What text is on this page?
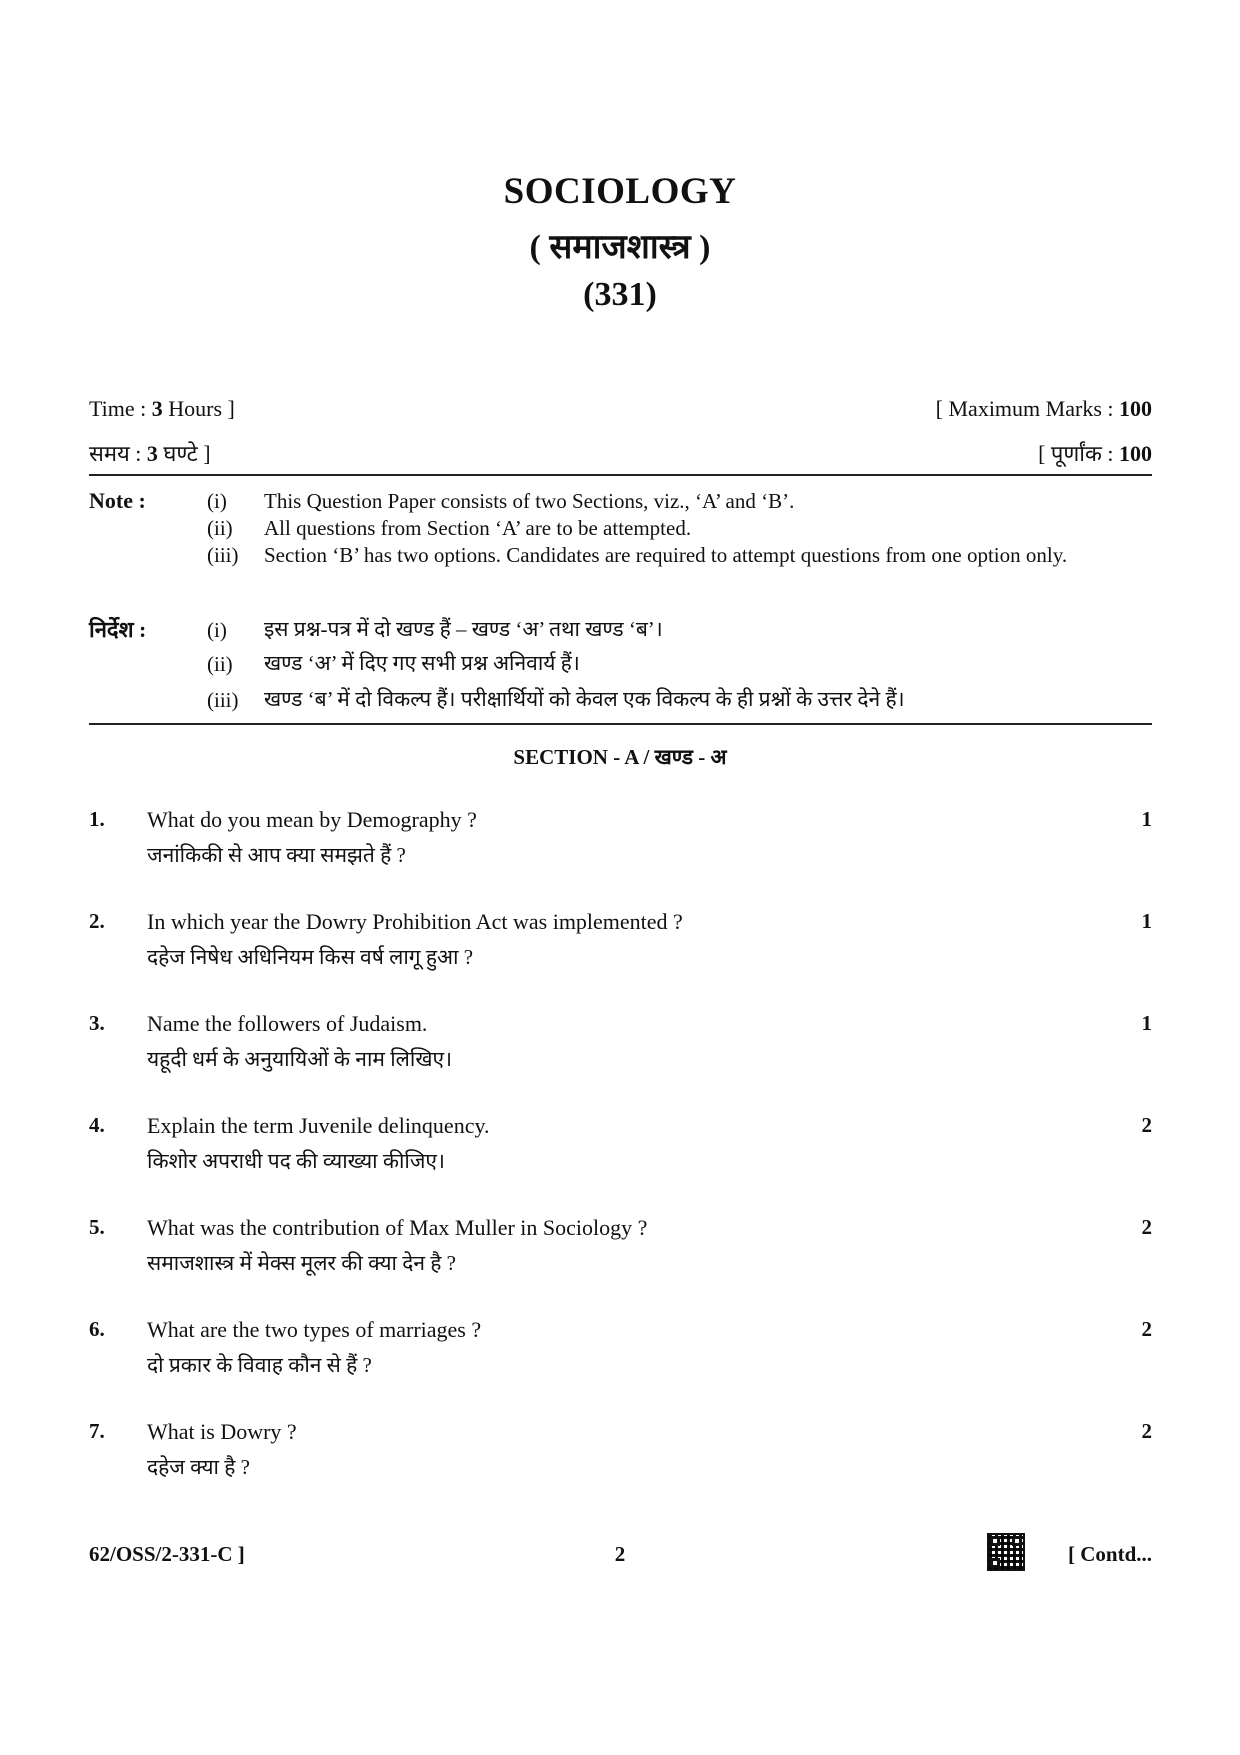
SOCIOLOGY
( समाजशास्त्र )
(331)
Time : 3 Hours ]	[ Maximum Marks : 100
समय : 3 घण्टे ]	[ पूर्णांक : 100
Note :	(i) This Question Paper consists of two Sections, viz., ‘A’ and ‘B’.
(ii) All questions from Section ‘A’ are to be attempted.
(iii) Section ‘B’ has two options. Candidates are required to attempt questions from one option only.
निर्देश :	(i) इस प्रश्न-पत्र में दो खण्ड हैं – खण्ड ‘अ’ तथा खण्ड ‘ब’।
(ii) खण्ड ‘अ’ में दिए गए सभी प्रश्न अनिवार्य हैं।
(iii) खण्ड ‘ब’ में दो विकल्प हैं। परीक्षार्थियों को केवल एक विकल्प के ही प्रश्नों के उत्तर देने हैं।
SECTION - A / खण्ड - अ
1. What do you mean by Demography ?
जनांकिकी से आप क्या समझते हैं ?
1
2. In which year the Dowry Prohibition Act was implemented ?
दहेज निषेध अधिनियम किस वर्ष लागू हुआ ?
1
3. Name the followers of Judaism.
यहूदी धर्म के अनुयायिओं के नाम लिखिए।
1
4. Explain the term Juvenile delinquency.
किशोर अपराधी पद की व्याख्या कीजिए।
2
5. What was the contribution of Max Muller in Sociology ?
समाजशास्त्र में मेक्स मूलर की क्या देन है ?
2
6. What are the two types of marriages ?
दो प्रकार के विवाह कौन से हैं ?
2
7. What is Dowry ?
दहेज क्या है ?
2
62/OSS/2-331-C ]	2	[ Contd...
